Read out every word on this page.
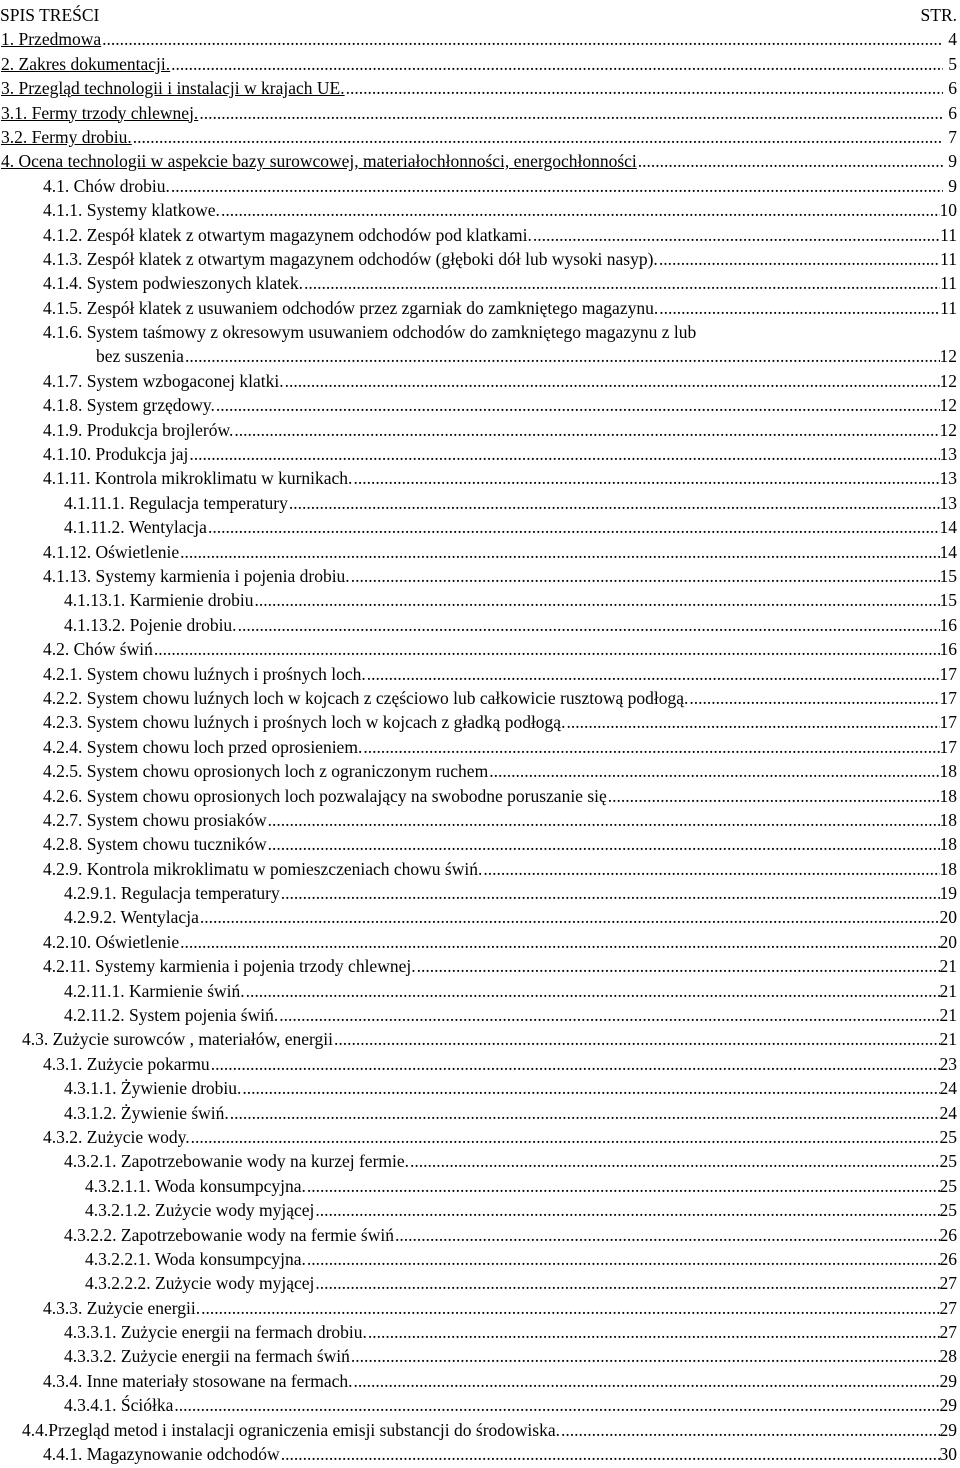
SPIS TREŚCI	STR.
1. Przedmowa .....	4
2. Zakres dokumentacji. .....	5
3. Przegląd technologii i instalacji w krajach UE. .....	6
3.1. Fermy trzody chlewnej. .....	6
3.2. Fermy drobiu. .....	7
4. Ocena technologii w aspekcie bazy surowcowej, materiałochłonności, energochłonności .....	9
4.1. Chów drobiu. .....	9
4.1.1. Systemy klatkowe. .....	10
4.1.2. Zespół klatek z otwartym magazynem odchodów pod klatkami. .....	11
4.1.3. Zespół klatek z otwartym magazynem odchodów (głęboki dół lub wysoki nasyp). .....	11
4.1.4. System podwieszonych klatek. .....	11
4.1.5. Zespół klatek z usuwaniem odchodów przez zgarniak do zamkniętego magazynu. .....	11
4.1.6. System taśmowy z okresowym usuwaniem odchodów do zamkniętego magazynu z lub
bez suszenia .....	12
4.1.7. System wzbogaconej klatki. .....	12
4.1.8. System grzędowy. .....	12
4.1.9. Produkcja brojlerów. .....	12
4.1.10. Produkcja jaj .....	13
4.1.11. Kontrola mikroklimatu w kurnikach. .....	13
4.1.11.1. Regulacja temperatury .....	13
4.1.11.2. Wentylacja .....	14
4.1.12. Oświetlenie .....	14
4.1.13. Systemy karmienia i pojenia drobiu. .....	15
4.1.13.1. Karmienie drobiu .....	15
4.1.13.2. Pojenie drobiu. .....	16
4.2. Chów świń .....	16
4.2.1. System chowu luźnych i prośnych loch. .....	17
4.2.2. System chowu luźnych loch w kojcach z częściowo lub całkowicie rusztową podłogą. .....	17
4.2.3. System chowu luźnych i prośnych loch w kojcach z gładką podłogą. .....	17
4.2.4. System chowu loch przed oprosieniem. .....	17
4.2.5. System chowu oprosionych loch z ograniczonym ruchem .....	18
4.2.6. System chowu oprosionych loch pozwalający na swobodne poruszanie się .....	18
4.2.7. System chowu prosiaków .....	18
4.2.8. System chowu tuczników .....	18
4.2.9. Kontrola mikroklimatu w pomieszczeniach chowu świń. .....	18
4.2.9.1. Regulacja temperatury .....	19
4.2.9.2. Wentylacja .....	20
4.2.10. Oświetlenie .....	20
4.2.11. Systemy karmienia i pojenia trzody chlewnej. .....	21
4.2.11.1. Karmienie świń. .....	21
4.2.11.2. System pojenia świń. .....	21
4.3. Zużycie surowców , materiałów, energii .....	21
4.3.1. Zużycie pokarmu .....	23
4.3.1.1. Żywienie drobiu. .....	24
4.3.1.2. Żywienie świń. .....	24
4.3.2. Zużycie wody. .....	25
4.3.2.1. Zapotrzebowanie wody na kurzej fermie. .....	25
4.3.2.1.1. Woda konsumpcyjna. .....	25
4.3.2.1.2. Zużycie wody myjącej .....	25
4.3.2.2. Zapotrzebowanie wody na fermie świń .....	26
4.3.2.2.1. Woda konsumpcyjna. .....	26
4.3.2.2.2. Zużycie wody myjącej .....	27
4.3.3. Zużycie energii. .....	27
4.3.3.1. Zużycie energii na fermach drobiu. .....	27
4.3.3.2. Zużycie energii na fermach świń .....	28
4.3.4. Inne materiały stosowane na fermach. .....	29
4.3.4.1. Ściółka .....	29
4.4.Przegląd metod i instalacji ograniczenia emisji substancji do środowiska. .....	29
4.4.1. Magazynowanie odchodów .....	30
